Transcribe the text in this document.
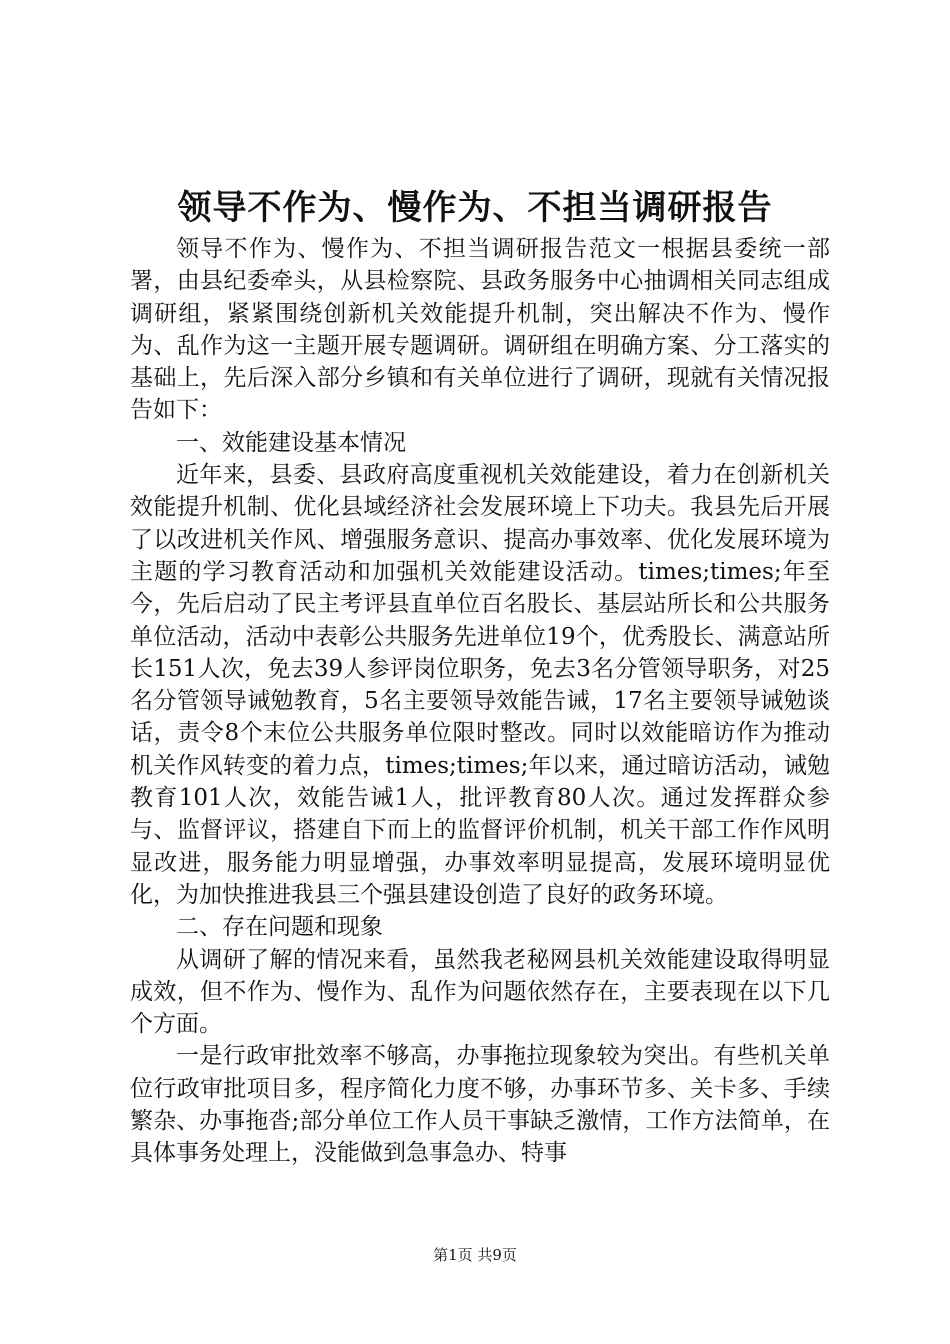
领导不作为、慢作为、不担当调研报告

领导不作为、慢作为、不担当调研报告范文一根据县委统一部署，由县纪委牵头，从县检察院、县政务服务中心抽调相关同志组成调研组，紧紧围绕创新机关效能提升机制，突出解决不作为、慢作为、乱作为这一主题开展专题调研。调研组在明确方案、分工落实的基础上，先后深入部分乡镇和有关单位进行了调研，现就有关情况报告如下：

一、效能建设基本情况

近年来，县委、县政府高度重视机关效能建设，着力在创新机关效能提升机制、优化县域经济社会发展环境上下功夫。我县先后开展了以改进机关作风、增强服务意识、提高办事效率、优化发展环境为主题的学习教育活动和加强机关效能建设活动。times;times;年至今，先后启动了民主考评县直单位百名股长、基层站所长和公共服务单位活动，活动中表彰公共服务先进单位19个，优秀股长、满意站所长151人次，免去39人参评岗位职务，免去3名分管领导职务，对25名分管领导诫勉教育，5名主要领导效能告诫，17名主要领导诫勉谈话，责令8个末位公共服务单位限时整改。同时以效能暗访作为推动机关作风转变的着力点，times;times;年以来，通过暗访活动，诫勉教育101人次，效能告诫1人，批评教育80人次。通过发挥群众参与、监督评议，搭建自下而上的监督评价机制，机关干部工作作风明显改进，服务能力明显增强，办事效率明显提高，发展环境明显优化，为加快推进我县三个强县建设创造了良好的政务环境。

二、存在问题和现象

从调研了解的情况来看，虽然我老秘网县机关效能建设取得明显成效，但不作为、慢作为、乱作为问题依然存在，主要表现在以下几个方面。

一是行政审批效率不够高，办事拖拉现象较为突出。有些机关单位行政审批项目多，程序简化力度不够，办事环节多、关卡多、手续繁杂、办事拖沓;部分单位工作人员干事缺乏激情，工作方法简单，在具体事务处理上，没能做到急事急办、特事

第1页 共9页
